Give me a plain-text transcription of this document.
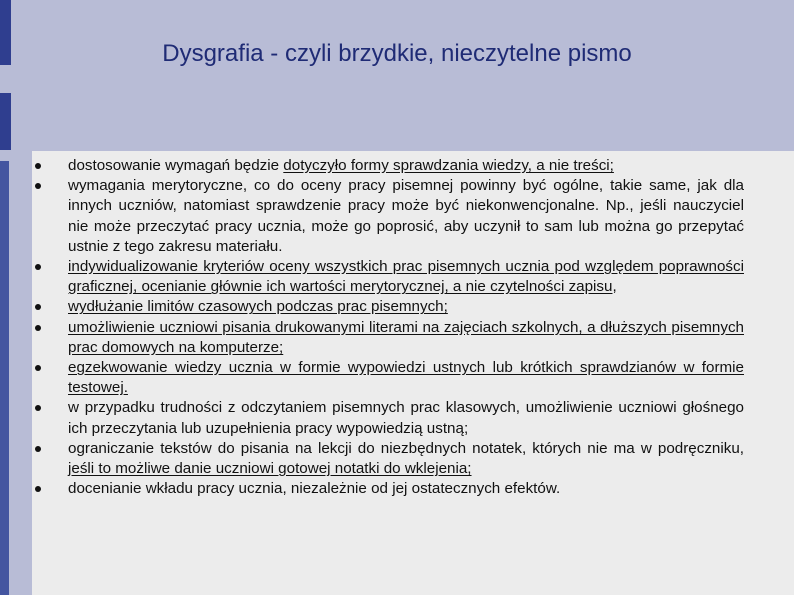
Dysgrafia - czyli brzydkie, nieczytelne pismo
dostosowanie wymagań będzie dotyczyło formy sprawdzania wiedzy, a nie treści;
wymagania merytoryczne, co do oceny pracy pisemnej powinny być ogólne, takie same, jak dla innych uczniów, natomiast sprawdzenie pracy może być niekonwencjonalne. Np., jeśli nauczyciel nie może przeczytać pracy ucznia, może go poprosić, aby uczynił to sam lub można go przepytać ustnie z tego zakresu materiału.
indywidualizowanie kryteriów oceny wszystkich prac pisemnych ucznia pod względem poprawności graficznej, ocenianie głównie ich wartości merytorycznej, a nie czytelności zapisu,
wydłużanie limitów czasowych podczas prac pisemnych;
umożliwienie uczniowi pisania drukowanymi literami na zajęciach szkolnych, a dłuższych pisemnych prac domowych na komputerze;
egzekwowanie wiedzy ucznia w formie wypowiedzi ustnych lub krótkich sprawdzianów w formie testowej.
w przypadku trudności z odczytaniem pisemnych prac klasowych, umożliwienie uczniowi głośnego ich przeczytania lub uzupełnienia pracy wypowiedzią ustną;
ograniczanie tekstów do pisania na lekcji do niezbędnych notatek, których nie ma w podręczniku, jeśli to możliwe danie uczniowi gotowej notatki do wklejenia;
docenianie wkładu pracy ucznia, niezależnie od jej ostatecznych efektów.
